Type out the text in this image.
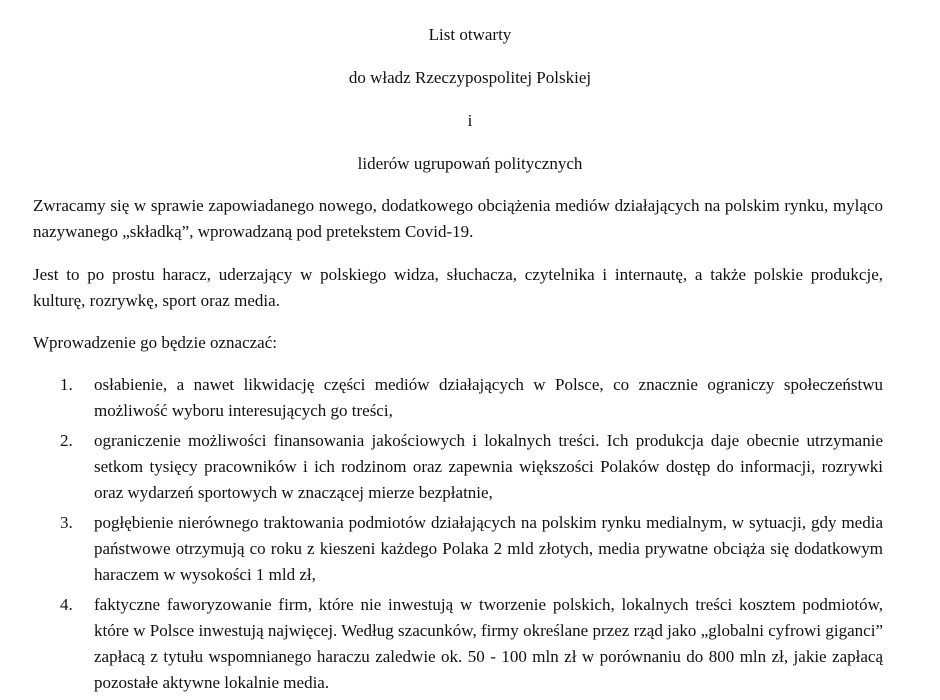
List otwarty

do władz Rzeczypospolitej Polskiej

i

liderów ugrupowań politycznych

Zwracamy się w sprawie zapowiadanego nowego, dodatkowego obciążenia mediów działających na polskim rynku, myląco nazywanego „składką”, wprowadzaną pod pretekstem Covid-19.

Jest to po prostu haracz, uderzający w polskiego widza, słuchacza, czytelnika i internautę, a także polskie produkcje, kulturę, rozrywkę, sport oraz media.

Wprowadzenie go będzie oznaczać:

1. osłabienie, a nawet likwidację części mediów działających w Polsce, co znacznie ograniczy społeczeństwu możliwość wyboru interesujących go treści,
2. ograniczenie możliwości finansowania jakościowych i lokalnych treści. Ich produkcja daje obecnie utrzymanie setkom tysięcy pracowników i ich rodzinom oraz zapewnia większości Polaków dostęp do informacji, rozrywki oraz wydarzeń sportowych w znaczącej mierze bezpłatnie,
3. pogłębienie nierównego traktowania podmiotów działających na polskim rynku medialnym, w sytuacji, gdy media państwowe otrzymują co roku z kieszeni każdego Polaka 2 mld złotych, media prywatne obciąża się dodatkowym haraczem w wysokości 1 mld zł,
4. faktyczne faworyzowanie firm, które nie inwestują w tworzenie polskich, lokalnych treści kosztem podmiotów, które w Polsce inwestują najwięcej. Według szacunków, firmy określane przez rząd jako „globalni cyfrowi giganci” zapłacą z tytułu wspomnianego haraczu zaledwie ok. 50 - 100 mln zł w porównaniu do 800 mln zł, jakie zapłacą pozostałe aktywne lokalnie media.
